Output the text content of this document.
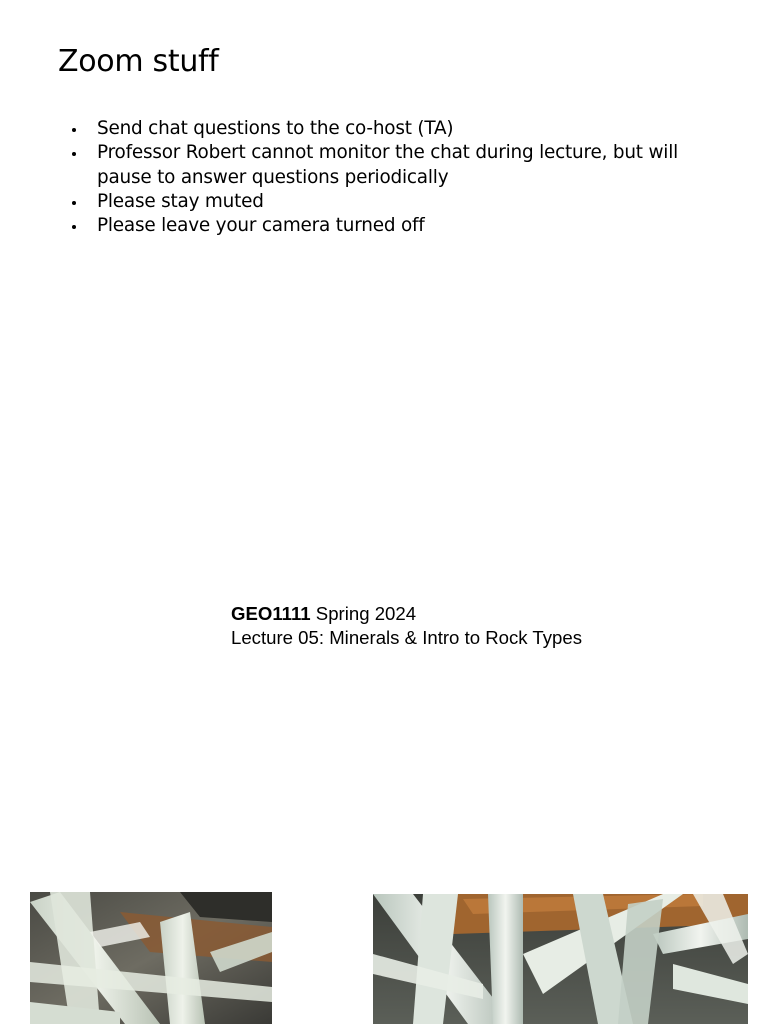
Zoom stuff
Send chat questions to the co-host (TA)
Professor Robert cannot monitor the chat during lecture, but will pause to answer questions periodically
Please stay muted
Please leave your camera turned off
GEO1111 Spring 2024
Lecture 05: Minerals & Intro to Rock Types
